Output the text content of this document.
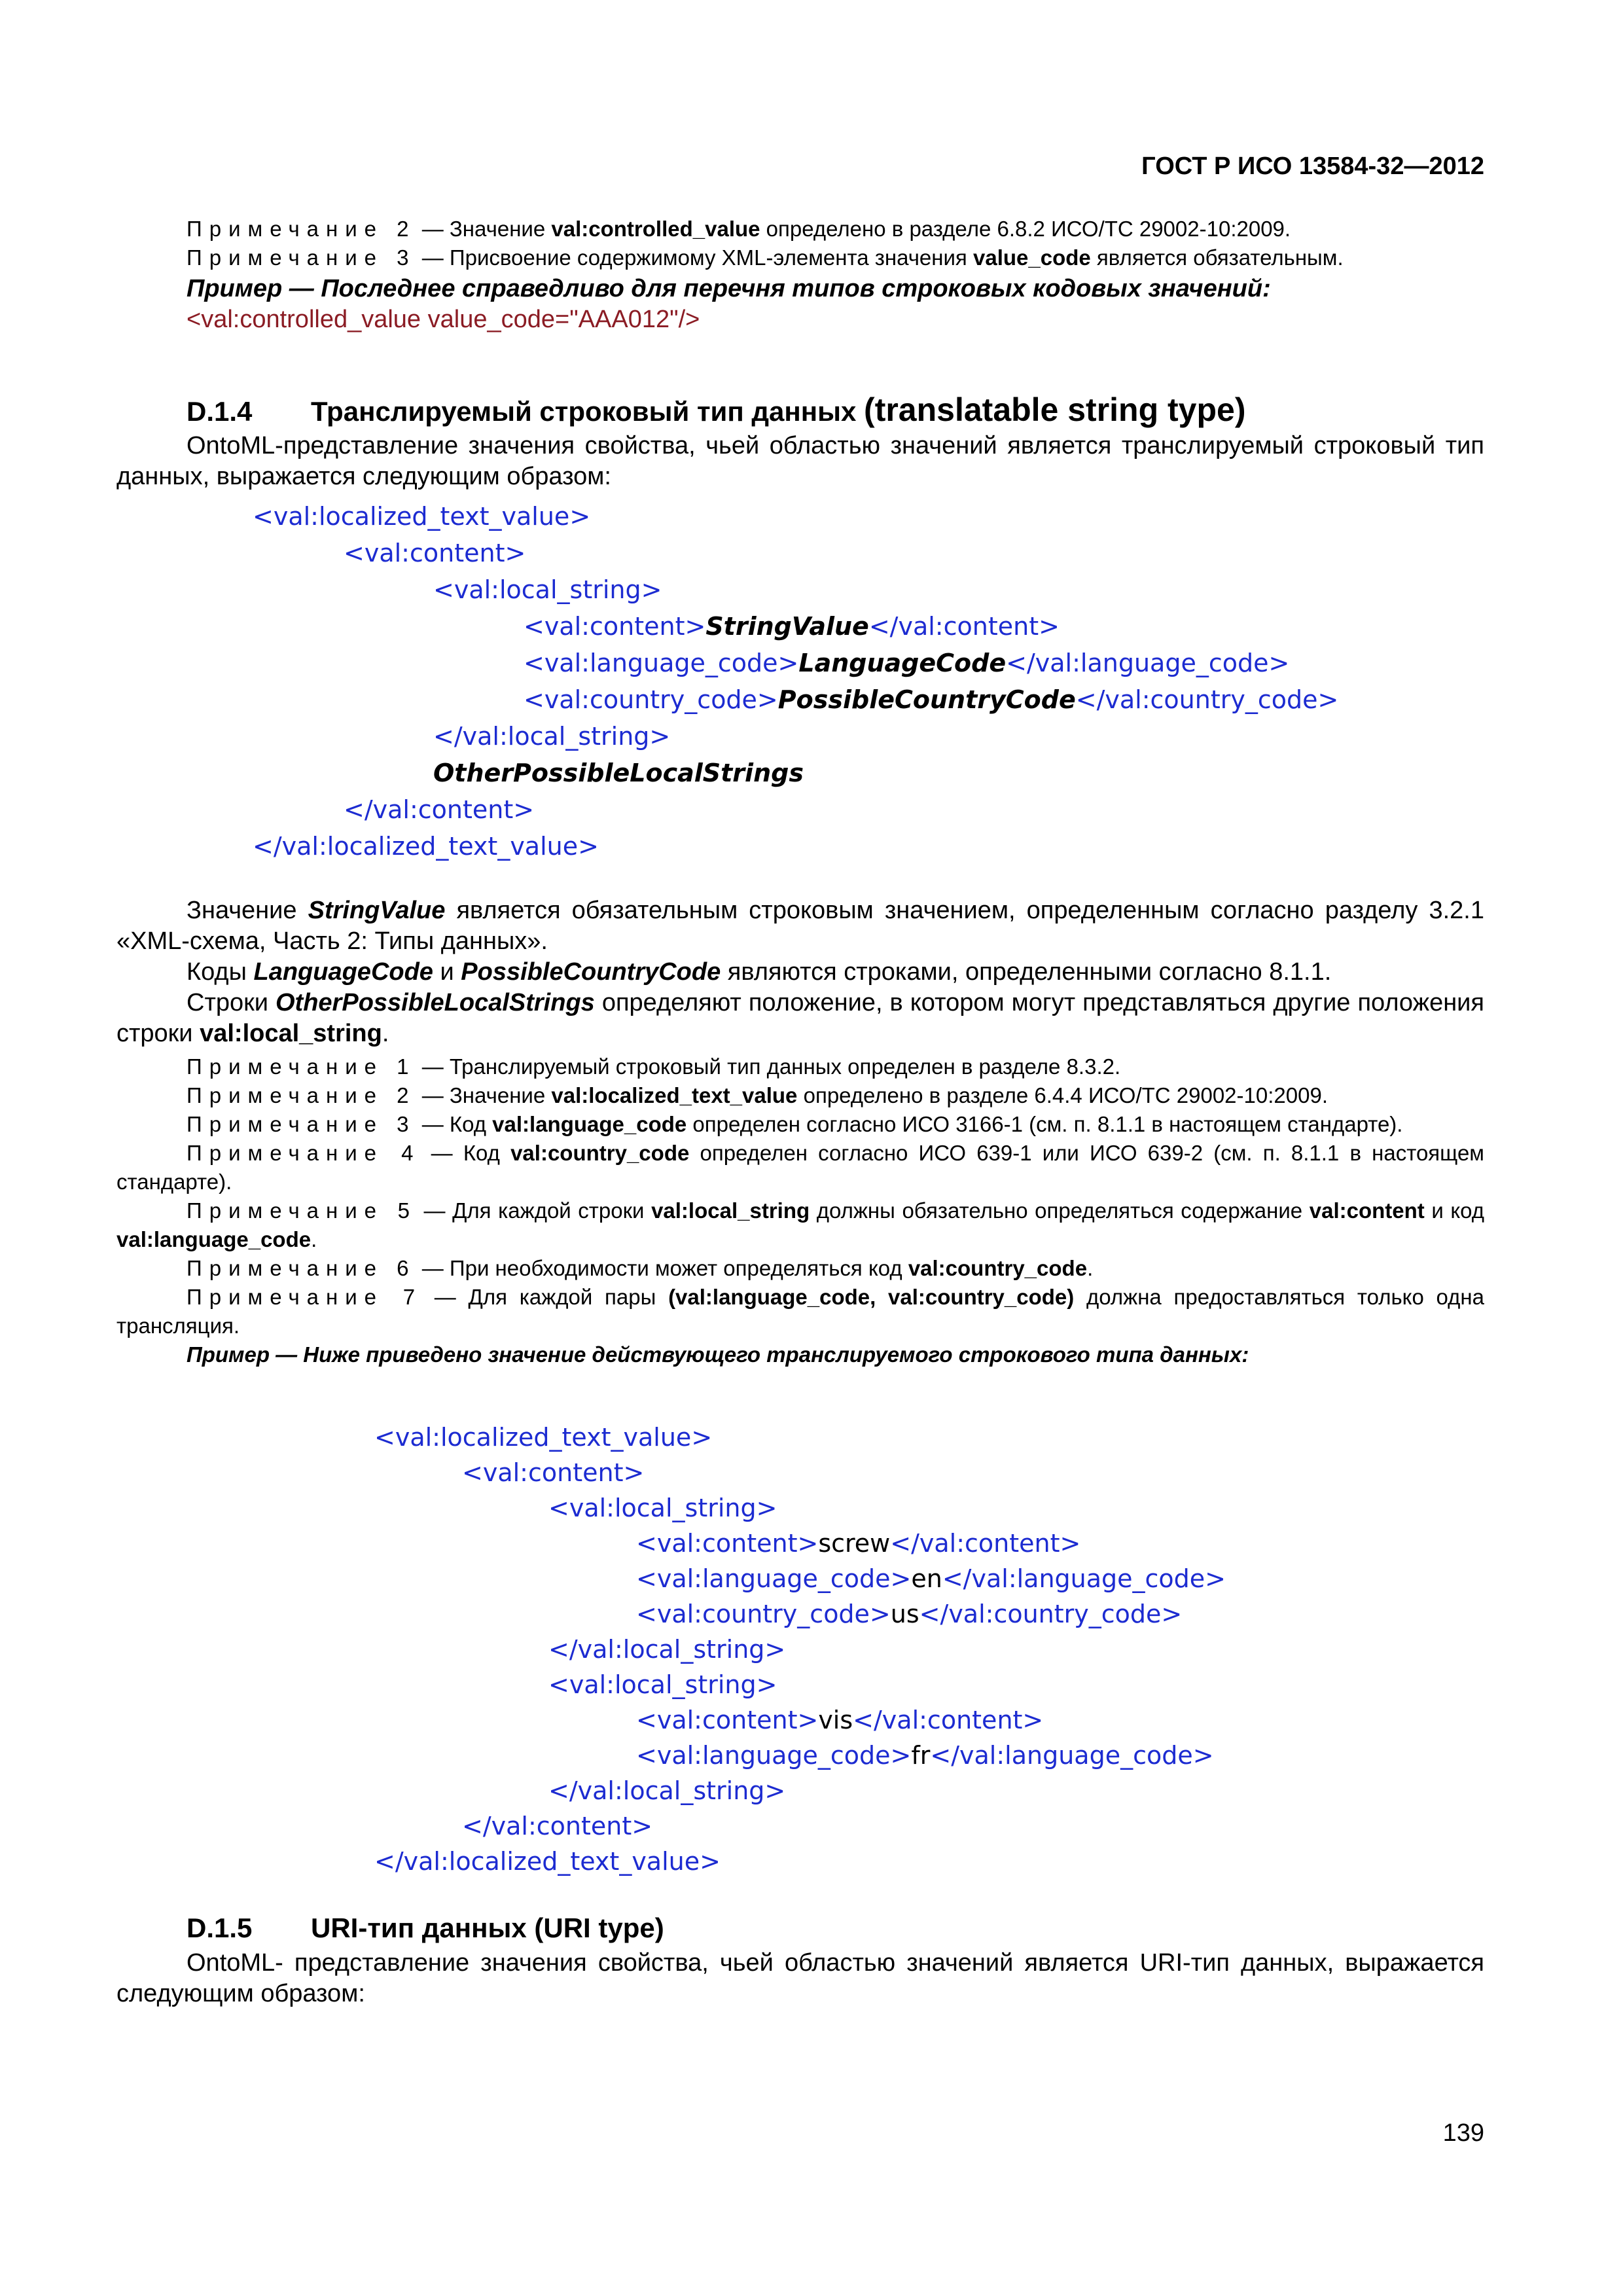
ГОСТ Р ИСО 13584-32—2012

Примечание 2 — Значение val:controlled_value определено в разделе 6.8.2 ИСО/ТС 29002-10:2009.

Примечание 3 — Присвоение содержимому XML-элемента значения value_code является обязательным.

Пример — Последнее справедливо для перечня типов строковых кодовых значений:

<val:controlled_value value_code="AAA012"/>

D.1.4 Транслируемый строковый тип данных (translatable string type)

OntoML-представление значения свойства, чьей областью значений является транслируемый строковый тип данных, выражается следующим образом:

<val:localized_text_value>
<val:content>
<val:local_string>
<val:content>StringValue</val:content>
<val:language_code>LanguageCode</val:language_code>
<val:country_code>PossibleCountryCode</val:country_code>
</val:local_string>
OtherPossibleLocalStrings
</val:content>
</val:localized_text_value>

Значение StringValue является обязательным строковым значением, определенным согласно разделу 3.2.1 «XML-схема, Часть 2: Типы данных».

Коды LanguageCode и PossibleCountryCode являются строками, определенными согласно 8.1.1.

Строки OtherPossibleLocalStrings определяют положение, в котором могут представляться другие положения строки val:local_string.

Примечание 1 — Транслируемый строковый тип данных определен в разделе 8.3.2.

Примечание 2 — Значение val:localized_text_value определено в разделе 6.4.4 ИСО/ТС 29002-10:2009.

Примечание 3 — Код val:language_code определен согласно ИСО 3166-1 (см. п. 8.1.1 в настоящем стандарте).

Примечание 4 — Код val:country_code определен согласно ИСО 639-1 или ИСО 639-2 (см. п. 8.1.1 в настоящем стандарте).

Примечание 5 — Для каждой строки val:local_string должны обязательно определяться содержание val:content и код val:language_code.

Примечание 6 — При необходимости может определяться код val:country_code.

Примечание 7 — Для каждой пары (val:language_code, val:country_code) должна предоставляться только одна трансляция.

Пример — Ниже приведено значение действующего транслируемого строкового типа данных:

<val:localized_text_value>
<val:content>
<val:local_string>
<val:content>screw</val:content>
<val:language_code>en</val:language_code>
<val:country_code>us</val:country_code>
</val:local_string>
<val:local_string>
<val:content>vis</val:content>
<val:language_code>fr</val:language_code>
</val:local_string>
</val:content>
</val:localized_text_value>
D.1.5 URI-тип данных (URI type)

OntoML- представление значения свойства, чьей областью значений является URI-тип данных, выражается следующим образом:

139
